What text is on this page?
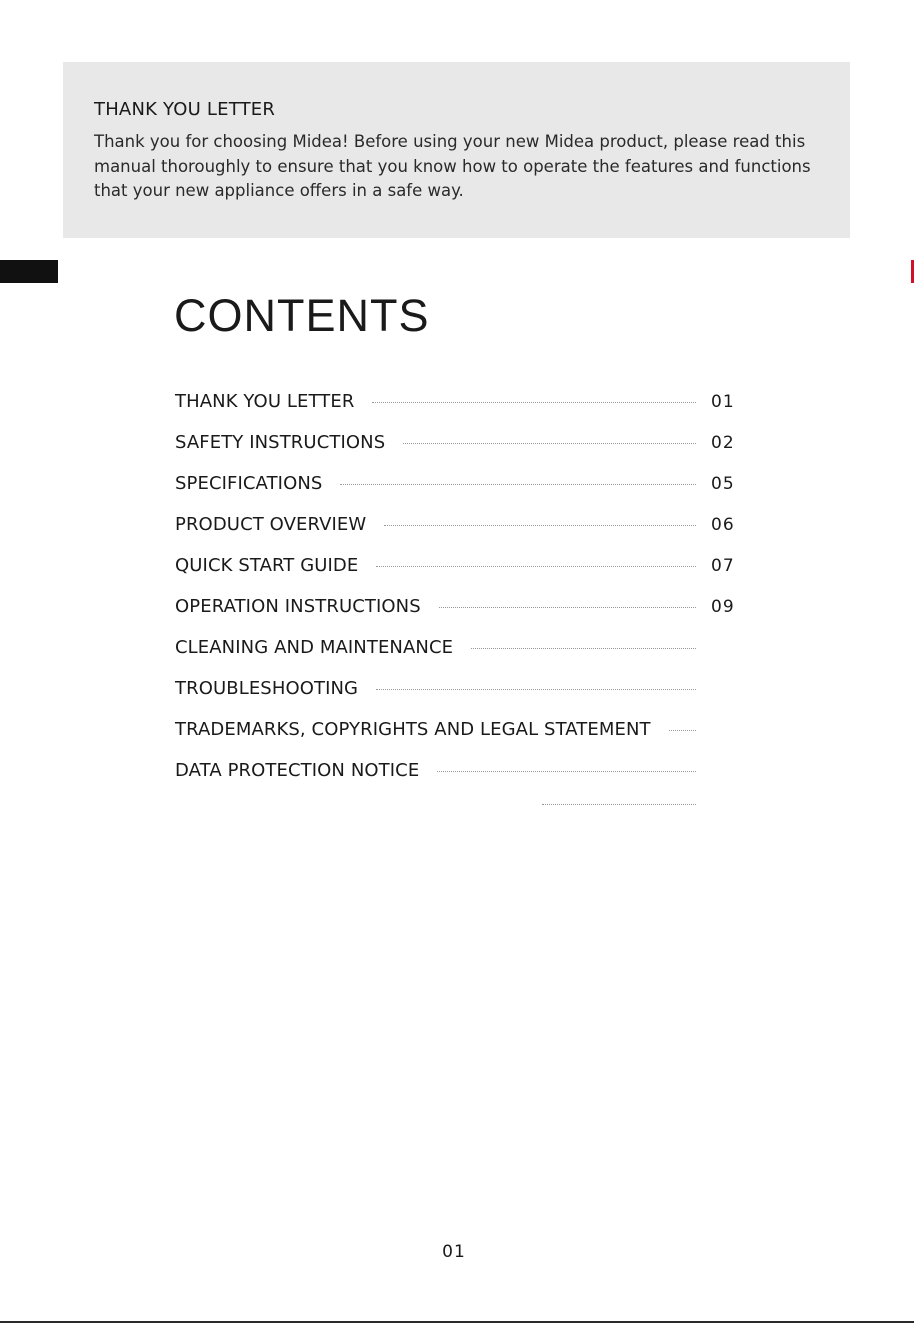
THANK YOU LETTER
Thank you for choosing Midea! Before using your new Midea product, please read this manual thoroughly to ensure that you know how to operate the features and functions that your new appliance offers in a safe way.
CONTENTS
THANK YOU LETTER	01
SAFETY INSTRUCTIONS	02
SPECIFICATIONS	05
PRODUCT OVERVIEW	06
QUICK START GUIDE	07
OPERATION INSTRUCTIONS	09
CLEANING AND MAINTENANCE
TROUBLESHOOTING
TRADEMARKS, COPYRIGHTS AND LEGAL STATEMENT
DATA PROTECTION NOTICE
01
